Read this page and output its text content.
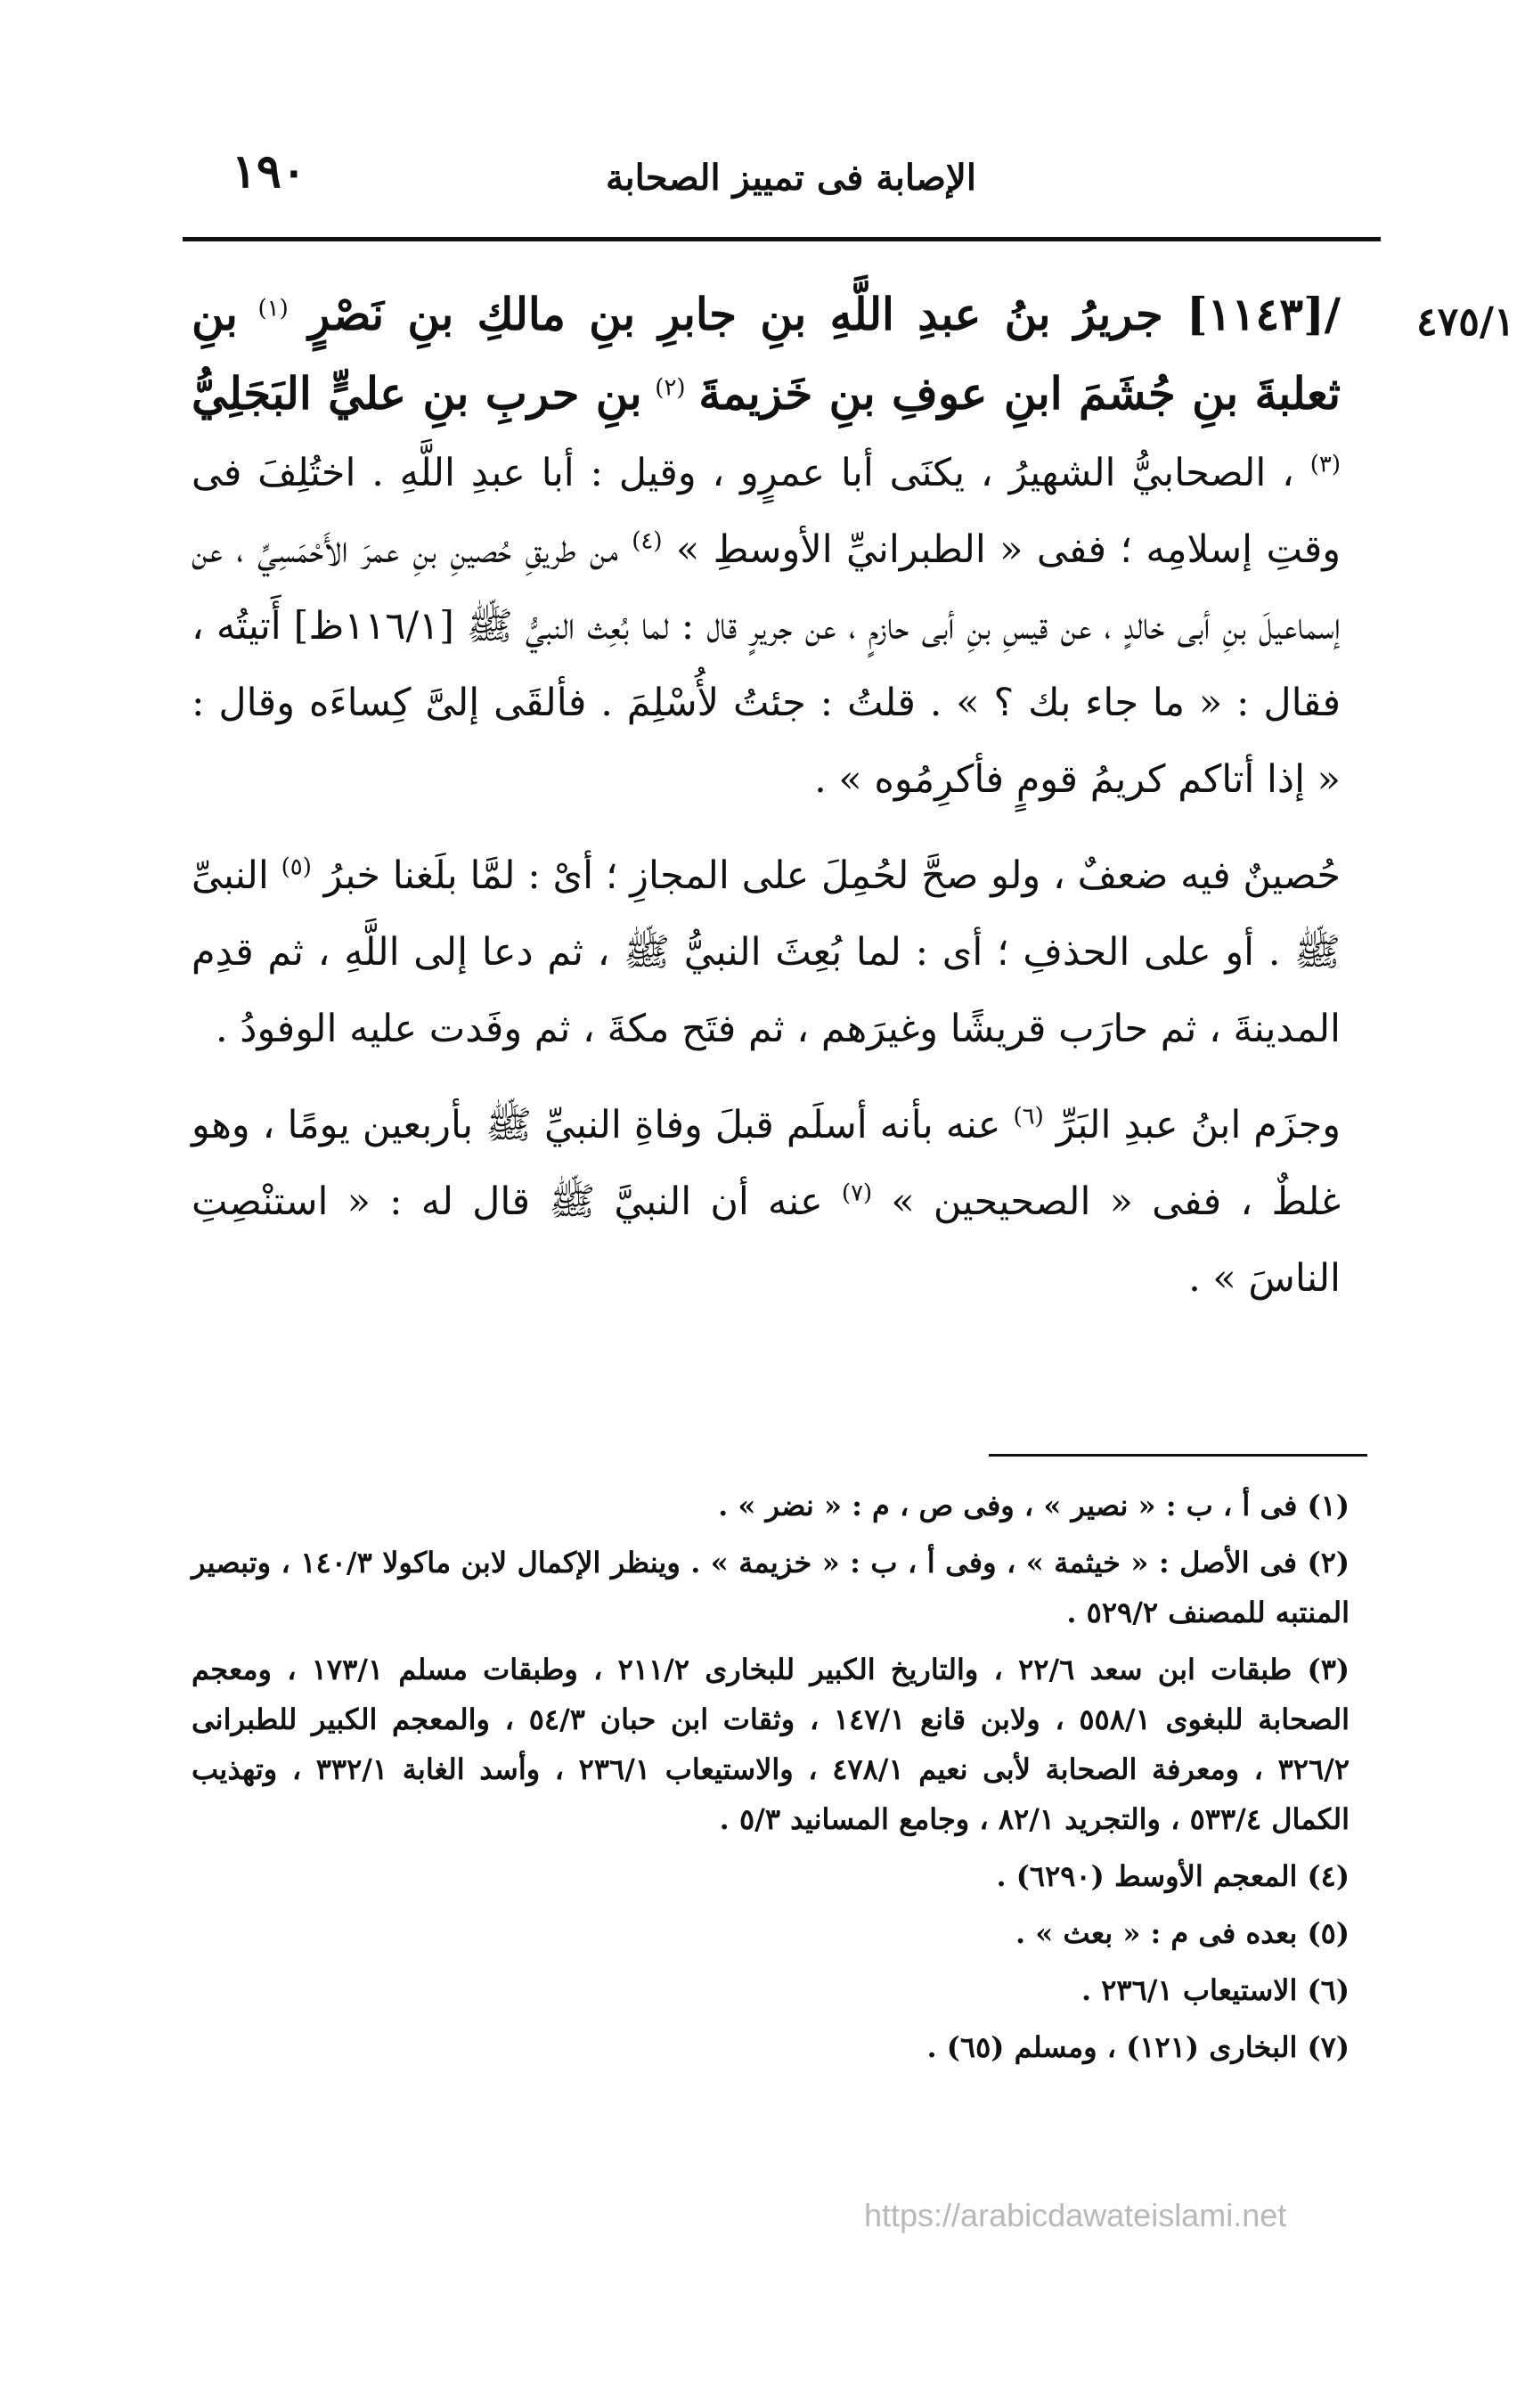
١٩٠	الإصابة فى تمييز الصحابة
٤٧٥/١

/[١١٤٣] جريرُ بنُ عبدِ اللَّهِ بنِ جابرِ بنِ مالكِ بنِ نَصْرٍ $^{(١)}$ بنِ ثعلبةَ بنِ جُشَمَ ابنِ عوفِ بنِ خَزيمةَ $^{(٢)}$ بنِ حربِ بنِ عليٍّ البَجَلِيُّ $^{(٣)}$ ، الصحابيُّ الشهيرُ ، يكنَى أبا عمرٍو ، وقيل : أبا عبدِ اللَّهِ . اختُلِفَ فى وقتِ إسلامِه ؛ ففى « الطبرانيِّ الأوسطِ » $^{(٤)}$ من طريقِ حُصينِ بنِ عمرَ الأَحْمَسِيِّ ، عن إسماعيلَ بنِ أبى خالدٍ ، عن قيسِ بنِ أبى حازمٍ ، عن جريرٍ قال : لما بُعِث النبيُّ ﷺ [١١٦/١ظ] أَتيتُه ، فقال : « ما جاء بك ؟ » . قلتُ : جئتُ لأُسْلِمَ . فألقَى إلىَّ كِساءَه وقال : « إذا أتاكم كريمُ قومٍ فأكرِمُوه » .

حُصينٌ فيه ضعفٌ ، ولو صحَّ لحُمِلَ على المجازِ ؛ أىْ : لمَّا بلَغنا خبرُ $^{(٥)}$ النبىِّ ﷺ . أو على الحذفِ ؛ أى : لما بُعِثَ النبيُّ ﷺ ، ثم دعا إلى اللَّهِ ، ثم قدِم المدينةَ ، ثم حارَب قريشًا وغيرَهم ، ثم فتَح مكةَ ، ثم وفَدت عليه الوفودُ .

وجزَم ابنُ عبدِ البَرِّ $^{(٦)}$ عنه بأنه أسلَم قبلَ وفاةِ النبيِّ ﷺ بأربعين يومًا ، وهو غلطٌ ، ففى « الصحيحين » $^{(٧)}$ عنه أن النبيَّ ﷺ قال له : « استنْصِتِ الناسَ » .

(١) فى أ ، ب : « نصير » ، وفى ص ، م : « نضر » .

(٢) فى الأصل : « خيثمة » ، وفى أ ، ب : « خزيمة » . وينظر الإكمال لابن ماكولا ١٤٠/٣ ، وتبصير المنتبه للمصنف ٥٢٩/٢ .

(٣) طبقات ابن سعد ٢٢/٦ ، والتاريخ الكبير للبخارى ٢١١/٢ ، وطبقات مسلم ١٧٣/١ ، ومعجم الصحابة للبغوى ٥٥٨/١ ، ولابن قانع ١٤٧/١ ، وثقات ابن حبان ٥٤/٣ ، والمعجم الكبير للطبرانى ٣٢٦/٢ ، ومعرفة الصحابة لأبى نعيم ٤٧٨/١ ، والاستيعاب ٢٣٦/١ ، وأسد الغابة ٣٣٢/١ ، وتهذيب الكمال ٥٣٣/٤ ، والتجريد ٨٢/١ ، وجامع المسانيد ٥/٣ .

(٤) المعجم الأوسط (٦٢٩٠) .

(٥) بعده فى م : « بعث » .

(٦) الاستيعاب ٢٣٦/١ .

(٧) البخارى (١٢١) ، ومسلم (٦٥) .

https://arabicdawateislami.net
